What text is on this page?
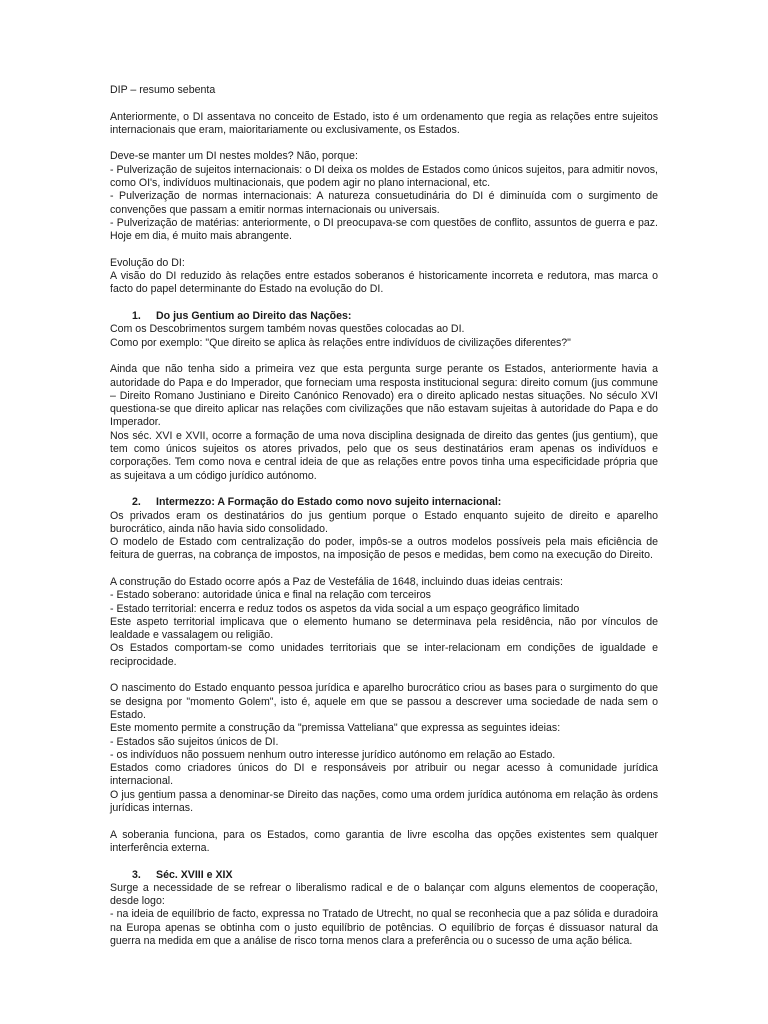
DIP – resumo sebenta

Anteriormente, o DI assentava no conceito de Estado, isto é um ordenamento que regia as relações entre sujeitos internacionais que eram, maioritariamente ou exclusivamente, os Estados.

Deve-se manter um DI nestes moldes? Não, porque:

- Pulverização de sujeitos internacionais: o DI deixa os moldes de Estados como únicos sujeitos, para admitir novos, como OI's, indivíduos multinacionais, que podem agir no plano internacional, etc.

- Pulverização de normas internacionais: A natureza consuetudinária do DI é diminuída com o surgimento de convenções que passam a emitir normas internacionais ou universais.

- Pulverização de matérias: anteriormente, o DI preocupava-se com questões de conflito, assuntos de guerra e paz. Hoje em dia, é muito mais abrangente.

Evolução do DI:

A visão do DI reduzido às relações entre estados soberanos é historicamente incorreta e redutora, mas marca o facto do papel determinante do Estado na evolução do DI.

1. Do jus Gentium ao Direito das Nações:

Com os Descobrimentos surgem também novas questões colocadas ao DI.

Como por exemplo: "Que direito se aplica às relações entre indivíduos de civilizações diferentes?"

Ainda que não tenha sido a primeira vez que esta pergunta surge perante os Estados, anteriormente havia a autoridade do Papa e do Imperador, que forneciam uma resposta institucional segura: direito comum (jus commune – Direito Romano Justiniano e Direito Canónico Renovado) era o direito aplicado nestas situações. No século XVI questiona-se que direito aplicar nas relações com civilizações que não estavam sujeitas à autoridade do Papa e do Imperador.

Nos séc. XVI e XVII, ocorre a formação de uma nova disciplina designada de direito das gentes (jus gentium), que tem como únicos sujeitos os atores privados, pelo que os seus destinatários eram apenas os indivíduos e corporações. Tem como nova e central ideia de que as relações entre povos tinha uma especificidade própria que as sujeitava a um código jurídico autónomo.

2. Intermezzo: A Formação do Estado como novo sujeito internacional:

Os privados eram os destinatários do jus gentium porque o Estado enquanto sujeito de direito e aparelho burocrático, ainda não havia sido consolidado.

O modelo de Estado com centralização do poder, impôs-se a outros modelos possíveis pela mais eficiência de feitura de guerras, na cobrança de impostos, na imposição de pesos e medidas, bem como na execução do Direito.

A construção do Estado ocorre após a Paz de Vestefália de 1648, incluindo duas ideias centrais:

- Estado soberano: autoridade única e final na relação com terceiros

- Estado territorial: encerra e reduz todos os aspetos da vida social a um espaço geográfico limitado

Este aspeto territorial implicava que o elemento humano se determinava pela residência, não por vínculos de lealdade e vassalagem ou religião.

Os Estados comportam-se como unidades territoriais que se inter-relacionam em condições de igualdade e reciprocidade.

O nascimento do Estado enquanto pessoa jurídica e aparelho burocrático criou as bases para o surgimento do que se designa por "momento Golem", isto é, aquele em que se passou a descrever uma sociedade de nada sem o Estado.

Este momento permite a construção da "premissa Vatteliana" que expressa as seguintes ideias:

- Estados são sujeitos únicos de DI.

- os indivíduos não possuem nenhum outro interesse jurídico autónomo em relação ao Estado.

Estados como criadores únicos do DI e responsáveis por atribuir ou negar acesso à comunidade jurídica internacional.

O jus gentium passa a denominar-se Direito das nações, como uma ordem jurídica autónoma em relação às ordens jurídicas internas.

A soberania funciona, para os Estados, como garantia de livre escolha das opções existentes sem qualquer interferência externa.

3. Séc. XVIII e XIX

Surge a necessidade de se refrear o liberalismo radical e de o balançar com alguns elementos de cooperação, desde logo:

- na ideia de equilíbrio de facto, expressa no Tratado de Utrecht, no qual se reconhecia que a paz sólida e duradoira na Europa apenas se obtinha com o justo equilíbrio de potências. O equilíbrio de forças é dissuasor natural da guerra na medida em que a análise de risco torna menos clara a preferência ou o sucesso de uma ação bélica.
